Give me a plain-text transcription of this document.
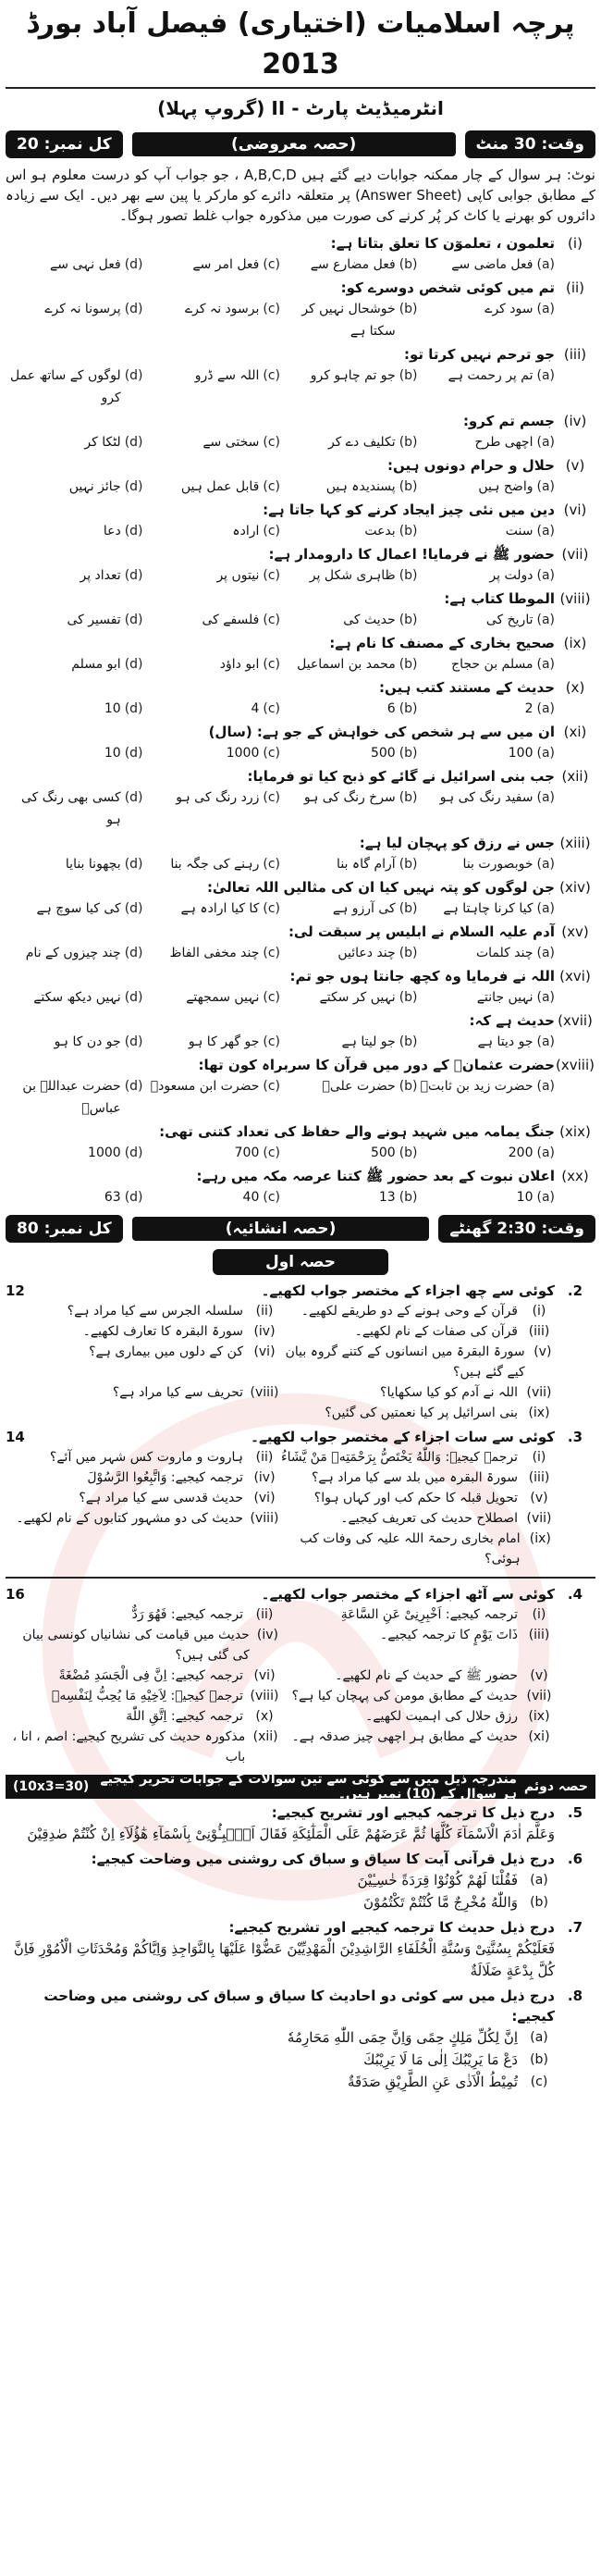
پرچہ اسلامیات (اختیاری) فیصل آباد بورڈ 2013
انٹرمیڈیٹ پارٹ - II (گروپ پہلا)
وقت: 30 منٹ
(حصہ معروضی)
کل نمبر: 20
نوٹ: ہر سوال کے چار ممکنہ جوابات دیے گئے ہیں A,B,C,D ، جو جواب آپ کو درست معلوم ہو اس کے مطابق جوابی کاپی (Answer Sheet) پر متعلقہ دائرے کو مارکر یا پین سے بھر دیں۔ ایک سے زیادہ دائروں کو بھرنے یا کاٹ کر پُر کرنے کی صورت میں مذکورہ جواب غلط تصور ہوگا۔
(i)
تعلمون ، تعلموٓن کا تعلق بتاتا ہے:
(a)
فعل ماضی سے
(b)
فعل مضارع سے
(c)
فعل امر سے
(d)
فعل نہی سے
(ii)
تم میں کوئی شخص دوسرے کو:
(a)
سود کرے
(b)
خوشحال نہیں کر سکتا ہے
(c)
برسود نہ کرے
(d)
پرسونا نہ کرے
(iii)
جو ترحم نہیں کرتا تو:
(a)
تم پر رحمت ہے
(b)
جو تم چاہو کرو
(c)
اللہ سے ڈرو
(d)
لوگوں کے ساتھ عمل کرو
(iv)
جسم تم کرو:
(a)
اچھی طرح
(b)
تکلیف دے کر
(c)
سختی سے
(d)
لٹکا کر
(v)
حلال و حرام دونوں ہیں:
(a)
واضح ہیں
(b)
پسندیدہ ہیں
(c)
قابل عمل ہیں
(d)
جائز نہیں
(vi)
دین میں نئی چیز ایجاد کرنے کو کہا جاتا ہے:
(a)
سنت
(b)
بدعت
(c)
ارادہ
(d)
دعا
(vii)
حضور ﷺ نے فرمایا! اعمال کا دارومدار ہے:
(a)
دولت پر
(b)
ظاہری شکل پر
(c)
نیتوں پر
(d)
تعداد پر
(viii)
الموطا کتاب ہے:
(a)
تاریخ کی
(b)
حدیث کی
(c)
فلسفے کی
(d)
تفسیر کی
(ix)
صحیح بخاری کے مصنف کا نام ہے:
(a)
مسلم بن حجاج
(b)
محمد بن اسماعیل
(c)
ابو داؤد
(d)
ابو مسلم
(x)
حدیث کے مستند کتب ہیں:
(a)
2
(b)
6
(c)
4
(d)
10
(xi)
ان میں سے ہر شخص کی خواہش کے جو ہے: (سال)
(a)
100
(b)
500
(c)
1000
(d)
10
(xii)
جب بنی اسرائیل نے گائے کو ذبح کیا تو فرمایا:
(a)
سفید رنگ کی ہو
(b)
سرخ رنگ کی ہو
(c)
زرد رنگ کی ہو
(d)
کسی بھی رنگ کی ہو
(xiii)
جس نے رزق کو پہچان لیا ہے:
(a)
خوبصورت بنا
(b)
آرام گاہ بنا
(c)
رہنے کی جگہ بنا
(d)
بچھونا بنایا
(xiv)
جن لوگوں کو پتہ نہیں کیا ان کی مثالیں اللہ تعالیٰ:
(a)
کیا کرنا چاہتا ہے
(b)
کی آرزو ہے
(c)
کا کیا ارادہ ہے
(d)
کی کیا سوچ ہے
(xv)
آدم علیہ السلام نے ابلیس پر سبقت لی:
(a)
چند کلمات
(b)
چند دعائیں
(c)
چند مخفی الفاظ
(d)
چند چیزوں کے نام
(xvi)
اللہ نے فرمایا وہ کچھ جانتا ہوں جو تم:
(a)
نہیں جانتے
(b)
نہیں کر سکتے
(c)
نہیں سمجھتے
(d)
نہیں دیکھ سکتے
(xvii)
حدیث ہے کہ:
(a)
جو دیتا ہے
(b)
جو لیتا ہے
(c)
جو گھر کا ہو
(d)
جو دن کا ہو
(xviii)
حضرت عثمانؓ کے دور میں قرآن کا سربراہ کون تھا:
(a)
حضرت زید بن ثابتؓ
(b)
حضرت علیؓ
(c)
حضرت ابن مسعودؓ
(d)
حضرت عبداللہ بن عباسؓ
(xix)
جنگ یمامہ میں شہید ہونے والے حفاظ کی تعداد کتنی تھی:
(a)
200
(b)
500
(c)
700
(d)
1000
(xx)
اعلان نبوت کے بعد حضور ﷺ کتنا عرصہ مکہ میں رہے:
(a)
10
(b)
13
(c)
40
(d)
63
وقت: 2:30 گھنٹے
(حصہ انشائیہ)
کل نمبر: 80
حصہ اول
2.
کوئی سے چھ اجزاء کے مختصر جواب لکھیے۔
12
(i)
قرآن کے وحی ہونے کے دو طریقے لکھیے۔
(ii)
سلسلہ الجرس سے کیا مراد ہے؟
(iii)
قرآن کی صفات کے نام لکھیے۔
(iv)
سورۃ البقرہ کا تعارف لکھیے۔
(v)
سورۃ البقرۃ میں انسانوں کے کتنے گروہ بیان کیے گئے ہیں؟
(vi)
کن کے دلوں میں بیماری ہے؟
(vii)
اللہ نے آدم کو کیا سکھایا؟
(viii)
تحریف سے کیا مراد ہے؟
(ix)
بنی اسرائیل پر کیا نعمتیں کی گئیں؟
3.
کوئی سے سات اجزاء کے مختصر جواب لکھیے۔
14
(i)
ترجمہ کیجیے: وَاللّٰهُ يَخْتَصُّ بِرَحْمَتِهٖ مَنْ يَّشَاءُ
(ii)
ہاروت و ماروت کس شہر میں آئے؟
(iii)
سورۃ البقرہ میں بلد سے کیا مراد ہے؟
(iv)
ترجمہ کیجیے: وَاتَّبِعُوا الرَّسُوْلَ
(v)
تحویل قبلہ کا حکم کب اور کہاں ہوا؟
(vi)
حدیث قدسی سے کیا مراد ہے؟
(vii)
اصطلاح حدیث کی تعریف کیجیے۔
(viii)
حدیث کی دو مشہور کتابوں کے نام لکھیے۔
(ix)
امام بخاری رحمۃ اللہ علیہ کی وفات کب ہوئی؟
4.
کوئی سے آٹھ اجزاء کے مختصر جواب لکھیے۔
16
(i)
ترجمہ کیجیے: اَخْبِرِنِیْ عَنِ السَّاعَةِ
(ii)
ترجمہ کیجیے: فَهُوَ رَدٌّ
(iii)
ذَاتَ یَوْمٍ کا ترجمہ کیجیے۔
(iv)
حدیث میں قیامت کی نشانیاں کونسی بیان کی گئی ہیں؟
(v)
حضور ﷺ کے حدیث کے نام لکھیے۔
(vi)
ترجمہ کیجیے: اِنَّ فِی الْجَسَدِ مُضْغَةً
(vii)
حدیث کے مطابق مومن کی پہچان کیا ہے؟
(viii)
ترجمہ کیجیے: لِاَخِیْهِ مَا یُحِبُّ لِنَفْسِهٖ
(ix)
رزق حلال کی اہمیت لکھیے۔
(x)
ترجمہ کیجیے: اِتَّقِ اللّٰهَ
(xi)
حدیث کے مطابق ہر اچھی چیز صدقہ ہے۔
(xii)
مذکورہ حدیث کی تشریح کیجیے: اصم ، انا ، باب
حصہ دوئم
مندرجہ ذیل میں سے کوئی سے تین سوالات کے جوابات تحریر کیجیے ہر سوال کے (10) نمبر ہیں۔
(10x3=30)
5.
درج ذیل کا ترجمہ کیجیے اور تشریح کیجیے:
وَعَلَّمَ اٰدَمَ الْاَسْمَآءَ كُلَّهَا ثُمَّ عَرَضَهُمْ عَلَى الْمَلٰٓئِكَةِ فَقَالَ اَنْۢبِـُٔوْنِیْ بِاَسْمَآءِ هٰٓؤُلَآءِ اِنْ كُنْتُمْ صٰدِقِیْنَ
6.
درج ذیل قرآنی آیت کا سیاق و سباق کی روشنی میں وضاحت کیجیے:
(a)
فَقُلْنَا لَهُمْ كُوْنُوْا قِرَدَةً خٰسِـِٔیْنَ
(b)
وَاللّٰهُ مُخْرِجٌ مَّا كُنْتُمْ تَكْتُمُوْنَ
7.
درج ذیل حدیث کا ترجمہ کیجیے اور تشریح کیجیے:
فَعَلَیْكُمْ بِسُنَّتِیْ وَسُنَّةِ الْخُلَفَاءِ الرَّاشِدِیْنَ الْمَهْدِیِّیْنَ عَضُّوْا عَلَیْهَا بِالنَّوَاجِذِ وَاِیَّاكُمْ وَمُحْدَثَاتِ الْاُمُوْرِ فَاِنَّ كُلَّ بِدْعَةٍ ضَلَالَةٌ
8.
درج ذیل میں سے کوئی دو احادیث کا سیاق و سباق کی روشنی میں وضاحت کیجیے:
(a)
اِنَّ لِكُلِّ مَلِكٍ حِمًى وَاِنَّ حِمَى اللّٰهِ مَحَارِمُهٗ
(b)
دَعْ مَا یَرِیْبُكَ اِلٰی مَا لَا یَرِیْبُكَ
(c)
تُمِیْطُ الْاَذٰی عَنِ الطَّرِیْقِ صَدَقَةٌ
